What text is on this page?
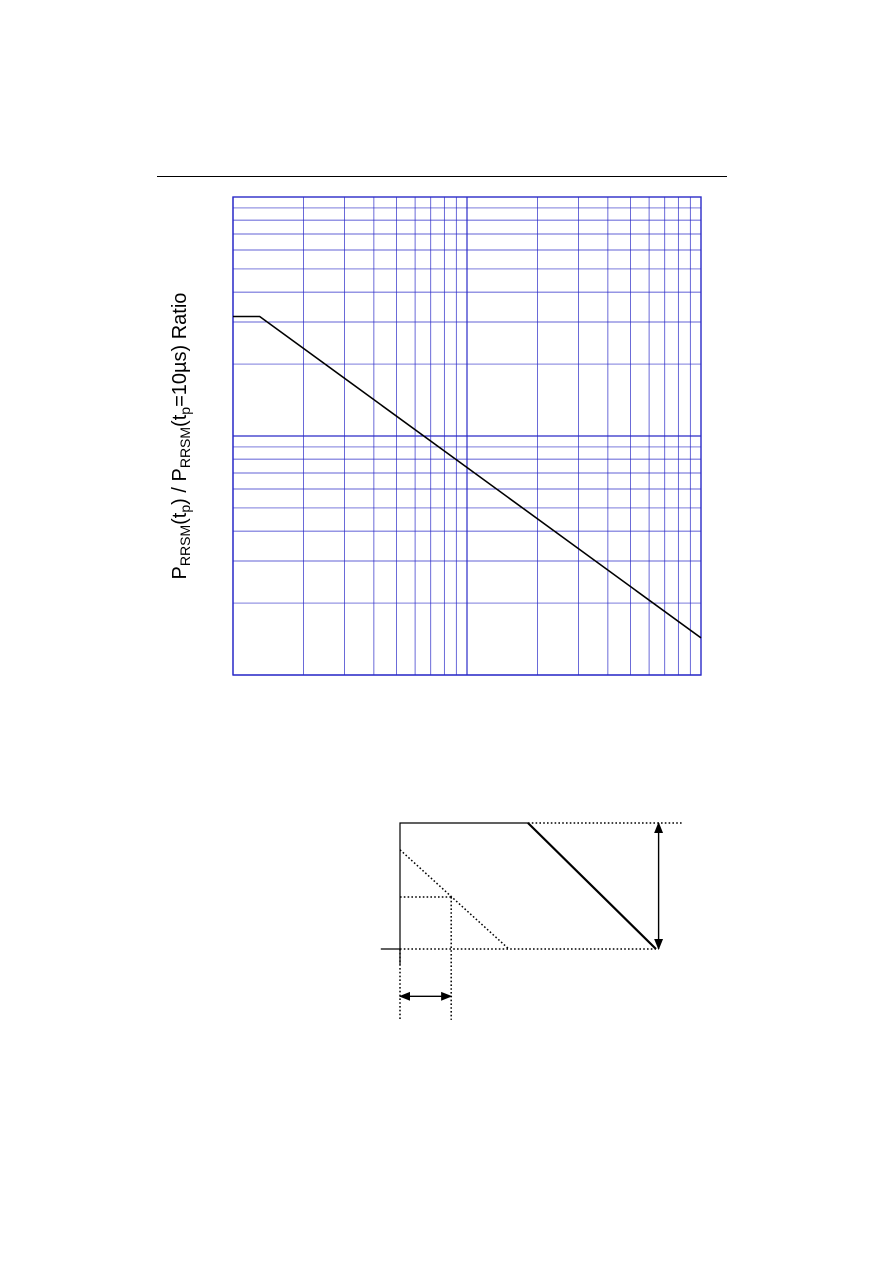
$P_{RRSM}(t_p) / P_{RRSM}(t_p=10\mu s)$ Ratio
